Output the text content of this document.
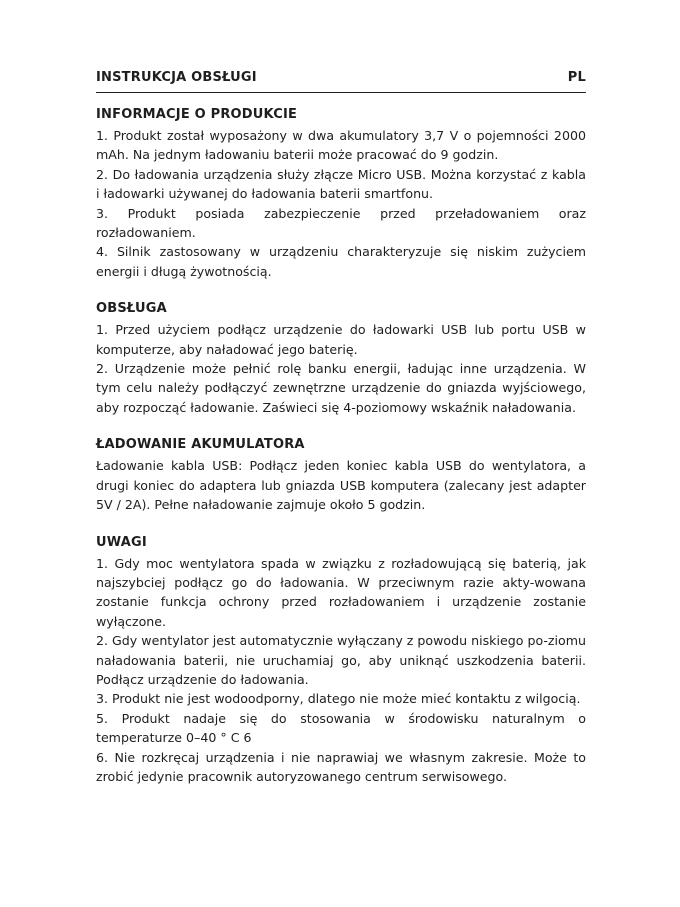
INSTRUKCJA OBSŁUGI	PL
INFORMACJE O PRODUKCIE

1. Produkt został wyposażony w dwa akumulatory 3,7 V o pojemności 2000 mAh. Na jednym ładowaniu baterii może pracować do 9 godzin.

2. Do ładowania urządzenia służy złącze Micro USB. Można korzystać z kabla i ładowarki używanej do ładowania baterii smartfonu.

3. Produkt posiada zabezpieczenie przed przeładowaniem oraz rozładowaniem.

4. Silnik zastosowany w urządzeniu charakteryzuje się niskim zużyciem energii i długą żywotnością.

OBSŁUGA

1. Przed użyciem podłącz urządzenie do ładowarki USB lub portu USB w komputerze, aby naładować jego baterię.

2. Urządzenie może pełnić rolę banku energii, ładując inne urządzenia. W tym celu należy podłączyć zewnętrzne urządzenie do gniazda wyjściowego, aby rozpocząć ładowanie. Zaświeci się 4-poziomowy wskaźnik naładowania.

ŁADOWANIE AKUMULATORA

Ładowanie kabla USB: Podłącz jeden koniec kabla USB do wentylatora, a drugi koniec do adaptera lub gniazda USB komputera (zalecany jest adapter 5V / 2A). Pełne naładowanie zajmuje około 5 godzin.

UWAGI

1. Gdy moc wentylatora spada w związku z rozładowującą się baterią, jak najszybciej podłącz go do ładowania. W przeciwnym razie akty-wowana zostanie funkcja ochrony przed rozładowaniem i urządzenie zostanie wyłączone.

2. Gdy wentylator jest automatycznie wyłączany z powodu niskiego po-ziomu naładowania baterii, nie uruchamiaj go, aby uniknąć uszkodzenia baterii. Podłącz urządzenie do ładowania.

3. Produkt nie jest wodoodporny, dlatego nie może mieć kontaktu z wilgocią.

5. Produkt nadaje się do stosowania w środowisku naturalnym o temperaturze 0–40 ° C 6

6. Nie rozkręcaj urządzenia i nie naprawiaj we własnym zakresie. Może to zrobić jedynie pracownik autoryzowanego centrum serwisowego.
